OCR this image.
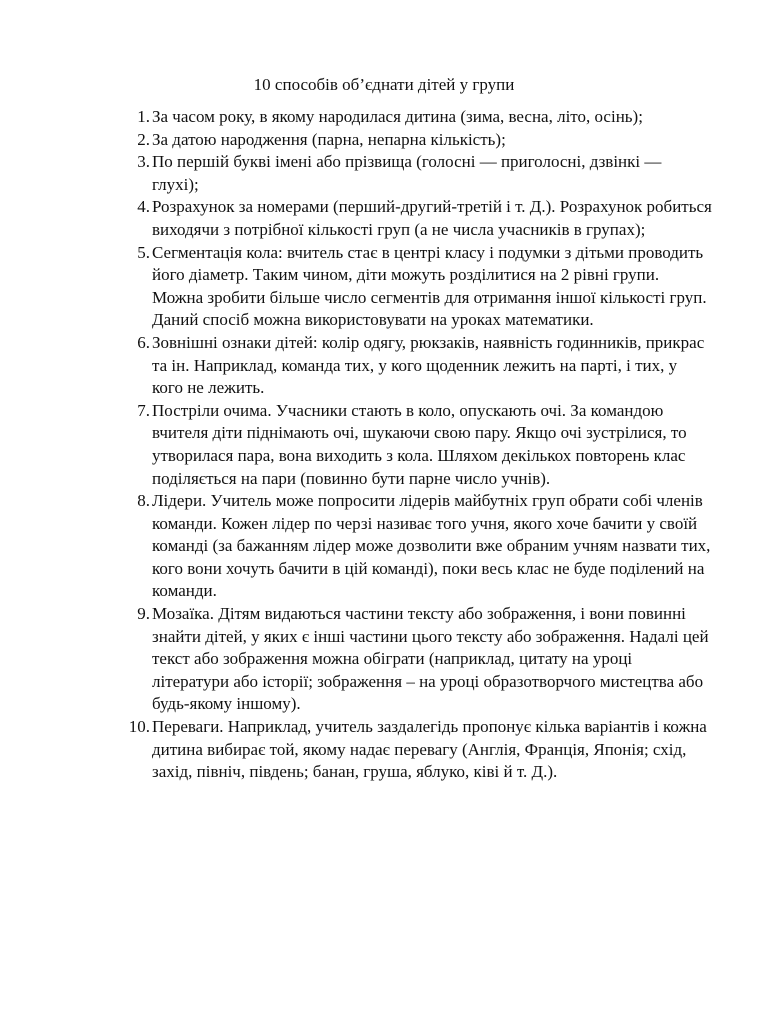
10 способів об’єднати дітей у групи
1. За часом року, в якому народилася дитина (зима, весна, літо, осінь);
2. За датою народження (парна, непарна кількість);
3. По першій букві імені або прізвища (голосні — приголосні, дзвінкі — глухі);
4. Розрахунок за номерами (перший-другий-третій і т. Д.). Розрахунок робиться виходячи з потрібної кількості груп (а не числа учасників в групах);
5. Сегментація кола: вчитель стає в центрі класу і подумки з дітьми проводить його діаметр. Таким чином, діти можуть розділитися на 2 рівні групи. Можна зробити більше число сегментів для отримання іншої кількості груп. Даний спосіб можна використовувати на уроках математики.
6. Зовнішні ознаки дітей: колір одягу, рюкзаків, наявність годинників, прикрас та ін. Наприклад, команда тих, у кого щоденник лежить на парті, і тих, у кого не лежить.
7. Постріли очима. Учасники стають в коло, опускають очі. За командою вчителя діти піднімають очі, шукаючи свою пару. Якщо очі зустрілися, то утворилася пара, вона виходить з кола. Шляхом декількох повторень клас поділяється на пари (повинно бути парне число учнів).
8. Лідери. Учитель може попросити лідерів майбутніх груп обрати собі членів команди. Кожен лідер по черзі називає того учня, якого хоче бачити у своїй команді (за бажанням лідер може дозволити вже обраним учням назвати тих, кого вони хочуть бачити в цій команді), поки весь клас не буде поділений на команди.
9. Мозаїка. Дітям видаються частини тексту або зображення, і вони повинні знайти дітей, у яких є інші частини цього тексту або зображення. Надалі цей текст або зображення можна обіграти (наприклад, цитату на уроці літератури або історії; зображення – на уроці образотворчого мистецтва або будь-якому іншому).
10. Переваги. Наприклад, учитель заздалегідь пропонує кілька варіантів і кожна дитина вибирає той, якому надає перевагу (Англія, Франція, Японія; схід, захід, північ, південь; банан, груша, яблуко, ківі й т. Д.).
